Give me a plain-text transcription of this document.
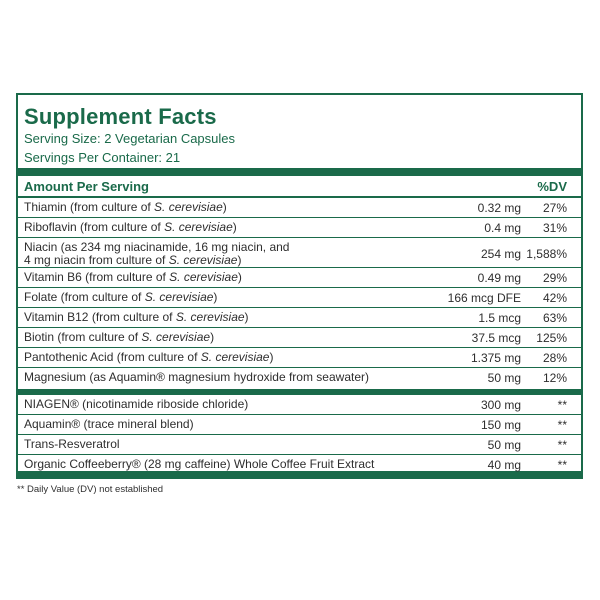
Supplement Facts
Serving Size: 2 Vegetarian Capsules
Servings Per Container: 21
Amount Per Serving	%DV
Thiamin (from culture of S. cerevisiae)	0.32 mg 27%
Riboflavin (from culture of S. cerevisiae)	0.4 mg 31%
Niacin (as 234 mg niacinamide, 16 mg niacin, and 4 mg niacin from culture of S. cerevisiae)	254 mg 1,588%
Vitamin B6 (from culture of S. cerevisiae)	0.49 mg 29%
Folate (from culture of S. cerevisiae)	166 mcg DFE 42%
Vitamin B12 (from culture of S. cerevisiae)	1.5 mcg 63%
Biotin (from culture of S. cerevisiae)	37.5 mcg 125%
Pantothenic Acid (from culture of S. cerevisiae)	1.375 mg 28%
Magnesium (as Aquamin® magnesium hydroxide from seawater)	50 mg 12%
NIAGEN® (nicotinamide riboside chloride)	300 mg	**
Aquamin® (trace mineral blend)	150 mg	**
Trans-Resveratrol	50 mg	**
Organic Coffeeberry® (28 mg caffeine) Whole Coffee Fruit Extract	40 mg	**
** Daily Value (DV) not established
